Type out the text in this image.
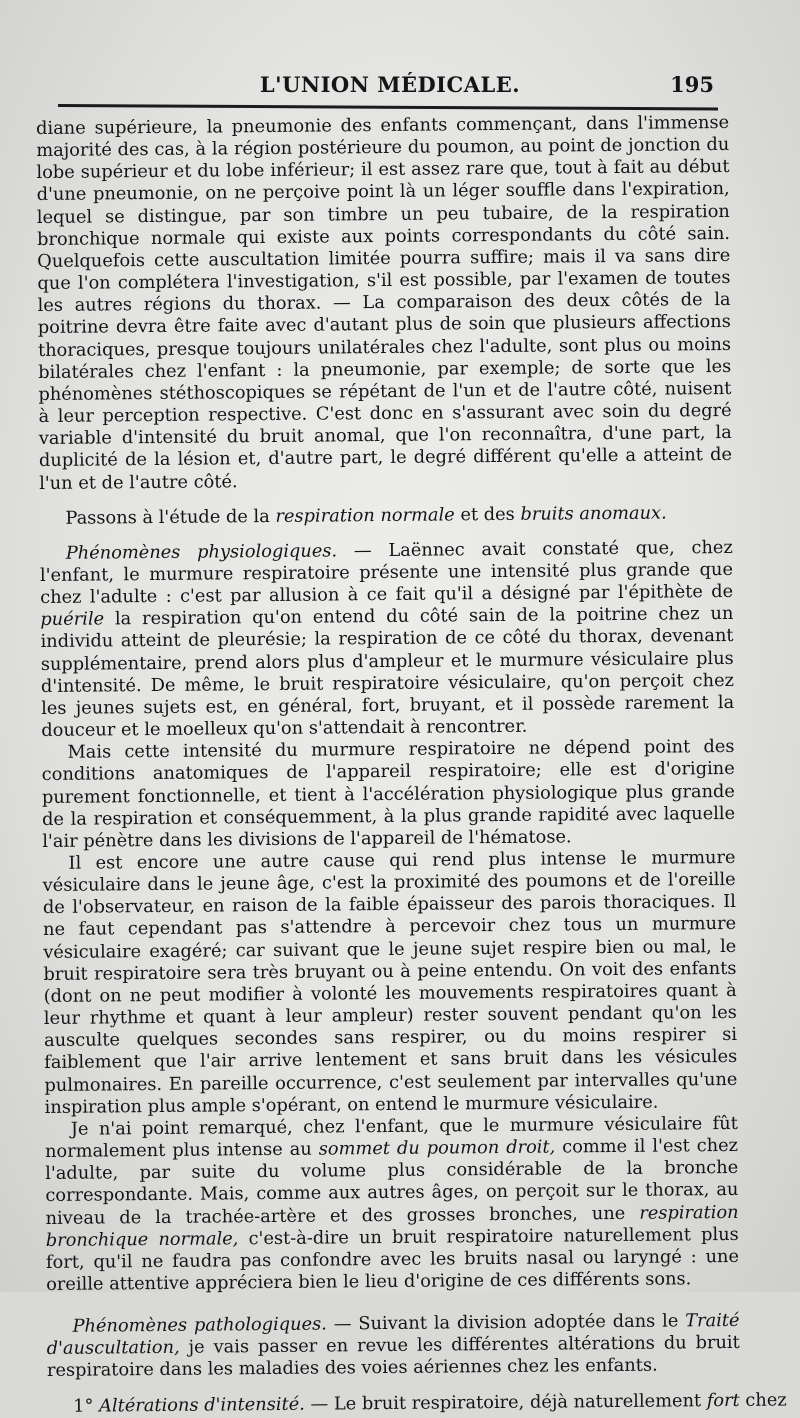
L'UNION MÉDICALE.	195

diane supérieure, la pneumonie des enfants commençant, dans l'immense majorité des cas, à la région postérieure du poumon, au point de jonction du lobe supérieur et du lobe inférieur; il est assez rare que, tout à fait au début d'une pneumonie, on ne perçoive point là un léger souffle dans l'expiration, lequel se distingue, par son timbre un peu tubaire, de la respiration bronchique normale qui existe aux points correspondants du côté sain. Quelquefois cette auscultation limitée pourra suffire; mais il va sans dire que l'on complétera l'investigation, s'il est possible, par l'examen de toutes les autres régions du thorax. — La comparaison des deux côtés de la poitrine devra être faite avec d'autant plus de soin que plusieurs affections thoraciques, presque toujours unilatérales chez l'adulte, sont plus ou moins bilatérales chez l'enfant : la pneumonie, par exemple; de sorte que les phénomènes stéthoscopiques se répétant de l'un et de l'autre côté, nuisent à leur perception respective. C'est donc en s'assurant avec soin du degré variable d'intensité du bruit anomal, que l'on reconnaîtra, d'une part, la duplicité de la lésion et, d'autre part, le degré différent qu'elle a atteint de l'un et de l'autre côté.

Passons à l'étude de la respiration normale et des bruits anomaux.

Phénomènes physiologiques. — Laënnec avait constaté que, chez l'enfant, le murmure respiratoire présente une intensité plus grande que chez l'adulte : c'est par allusion à ce fait qu'il a désigné par l'épithète de puérile la respiration qu'on entend du côté sain de la poitrine chez un individu atteint de pleurésie; la respiration de ce côté du thorax, devenant supplémentaire, prend alors plus d'ampleur et le murmure vésiculaire plus d'intensité. De même, le bruit respiratoire vésiculaire, qu'on perçoit chez les jeunes sujets est, en général, fort, bruyant, et il possède rarement la douceur et le moelleux qu'on s'attendait à rencontrer.

Mais cette intensité du murmure respiratoire ne dépend point des conditions anatomiques de l'appareil respiratoire; elle est d'origine purement fonctionnelle, et tient à l'accélération physiologique plus grande de la respiration et conséquemment, à la plus grande rapidité avec laquelle l'air pénètre dans les divisions de l'appareil de l'hématose.

Il est encore une autre cause qui rend plus intense le murmure vésiculaire dans le jeune âge, c'est la proximité des poumons et de l'oreille de l'observateur, en raison de la faible épaisseur des parois thoraciques. Il ne faut cependant pas s'attendre à percevoir chez tous un murmure vésiculaire exagéré; car suivant que le jeune sujet respire bien ou mal, le bruit respiratoire sera très bruyant ou à peine entendu. On voit des enfants (dont on ne peut modifier à volonté les mouvements respiratoires quant à leur rhythme et quant à leur ampleur) rester souvent pendant qu'on les ausculte quelques secondes sans respirer, ou du moins respirer si faiblement que l'air arrive lentement et sans bruit dans les vésicules pulmonaires. En pareille occurrence, c'est seulement par intervalles qu'une inspiration plus ample s'opérant, on entend le murmure vésiculaire.

Je n'ai point remarqué, chez l'enfant, que le murmure vésiculaire fût normalement plus intense au sommet du poumon droit, comme il l'est chez l'adulte, par suite du volume plus considérable de la bronche correspondante. Mais, comme aux autres âges, on perçoit sur le thorax, au niveau de la trachée-artère et des grosses bronches, une respiration bronchique normale, c'est-à-dire un bruit respiratoire naturellement plus fort, qu'il ne faudra pas confondre avec les bruits nasal ou laryngé : une oreille attentive appréciera bien le lieu d'origine de ces différents sons.

Phénomènes pathologiques. — Suivant la division adoptée dans le Traité d'auscultation, je vais passer en revue les différentes altérations du bruit respiratoire dans les maladies des voies aériennes chez les enfants.

1° Altérations d'intensité. — Le bruit respiratoire, déjà naturellement fort chez
